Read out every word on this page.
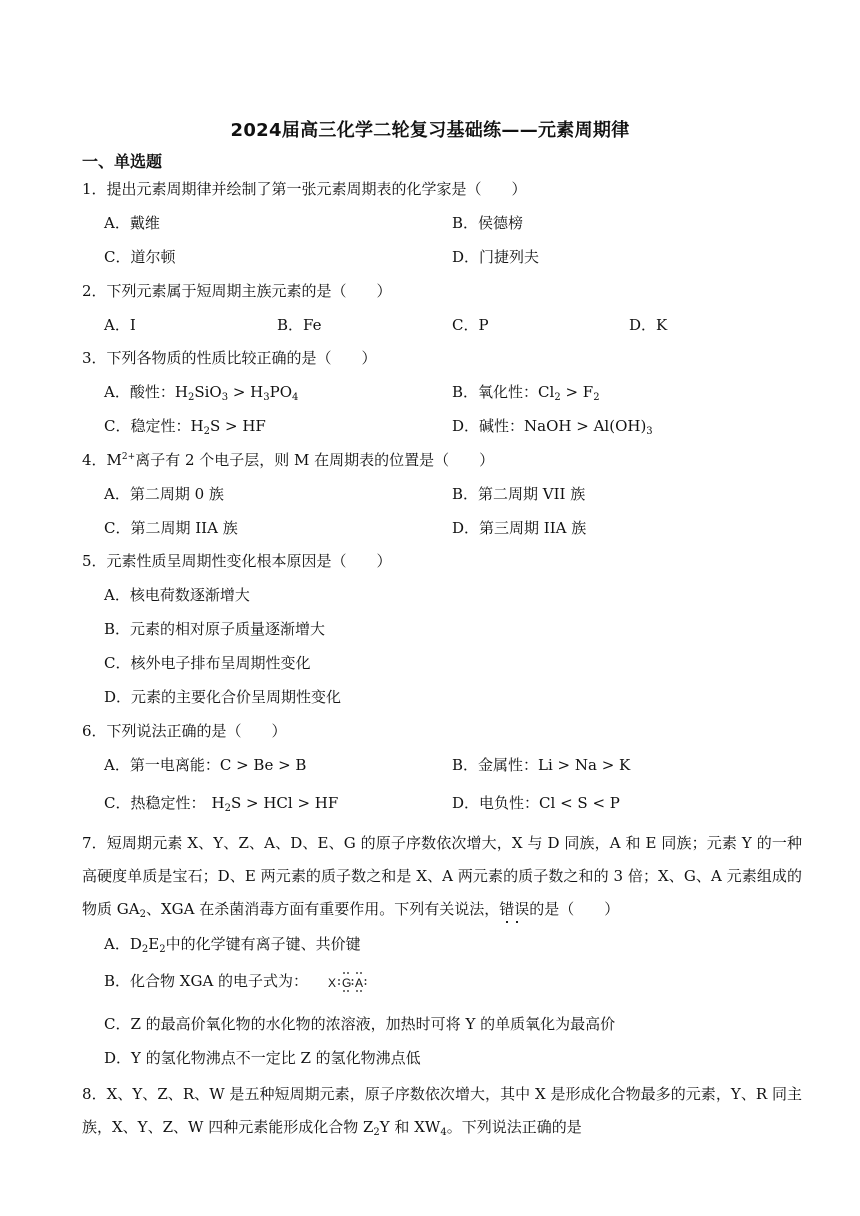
2024届高三化学二轮复习基础练——元素周期律
一、单选题
1．提出元素周期律并绘制了第一张元素周期表的化学家是（　　）
A．戴维	B．侯德榜
C．道尔顿	D．门捷列夫
2．下列元素属于短周期主族元素的是（　　）
A．I	B．Fe	C．P	D．K
3．下列各物质的性质比较正确的是（　　）
A．酸性：$H_2SiO_3 > H_3PO_4$	B．氧化性：$Cl_2 > F_2$
C．稳定性：$H_2S$ > HF	D．碱性：NaOH > $Al(OH)_3$
4．$M^{2+}$离子有 2 个电子层，则 M 在周期表的位置是（　　）
A．第二周期 0 族	B．第二周期 VII 族
C．第二周期 IIA 族	D．第三周期 IIA 族
5．元素性质呈周期性变化根本原因是（　　）
A．核电荷数逐渐增大
B．元素的相对原子质量逐渐增大
C．核外电子排布呈周期性变化
D．元素的主要化合价呈周期性变化
6．下列说法正确的是（　　）
A．第一电离能：C > Be > B	B．金属性：Li > Na > K
C．热稳定性： $H_2S$ > HCl > HF	D．电负性：Cl < S < P
7．短周期元素 X、Y、Z、A、D、E、G 的原子序数依次增大，X 与 D 同族，A 和 E 同族；元素 Y 的一种高硬度单质是宝石；D、E 两元素的质子数之和是 X、A 两元素的质子数之和的 3 倍；X、G、A 元素组成的物质 $GA_2$、XGA 在杀菌消毒方面有重要作用。下列有关说法，错误的是（　　）
A．$D_2E_2$中的化学键有离子键、共价键
B．化合物 XGA 的电子式为： X G A
C．Z 的最高价氧化物的水化物的浓溶液，加热时可将 Y 的单质氧化为最高价
D．Y 的氢化物沸点不一定比 Z 的氢化物沸点低
8．X、Y、Z、R、W 是五种短周期元素，原子序数依次增大，其中 X 是形成化合物最多的元素，Y、R 同主族，X、Y、Z、W 四种元素能形成化合物 $Z_2Y$ 和 $XW_4$。下列说法正确的是
